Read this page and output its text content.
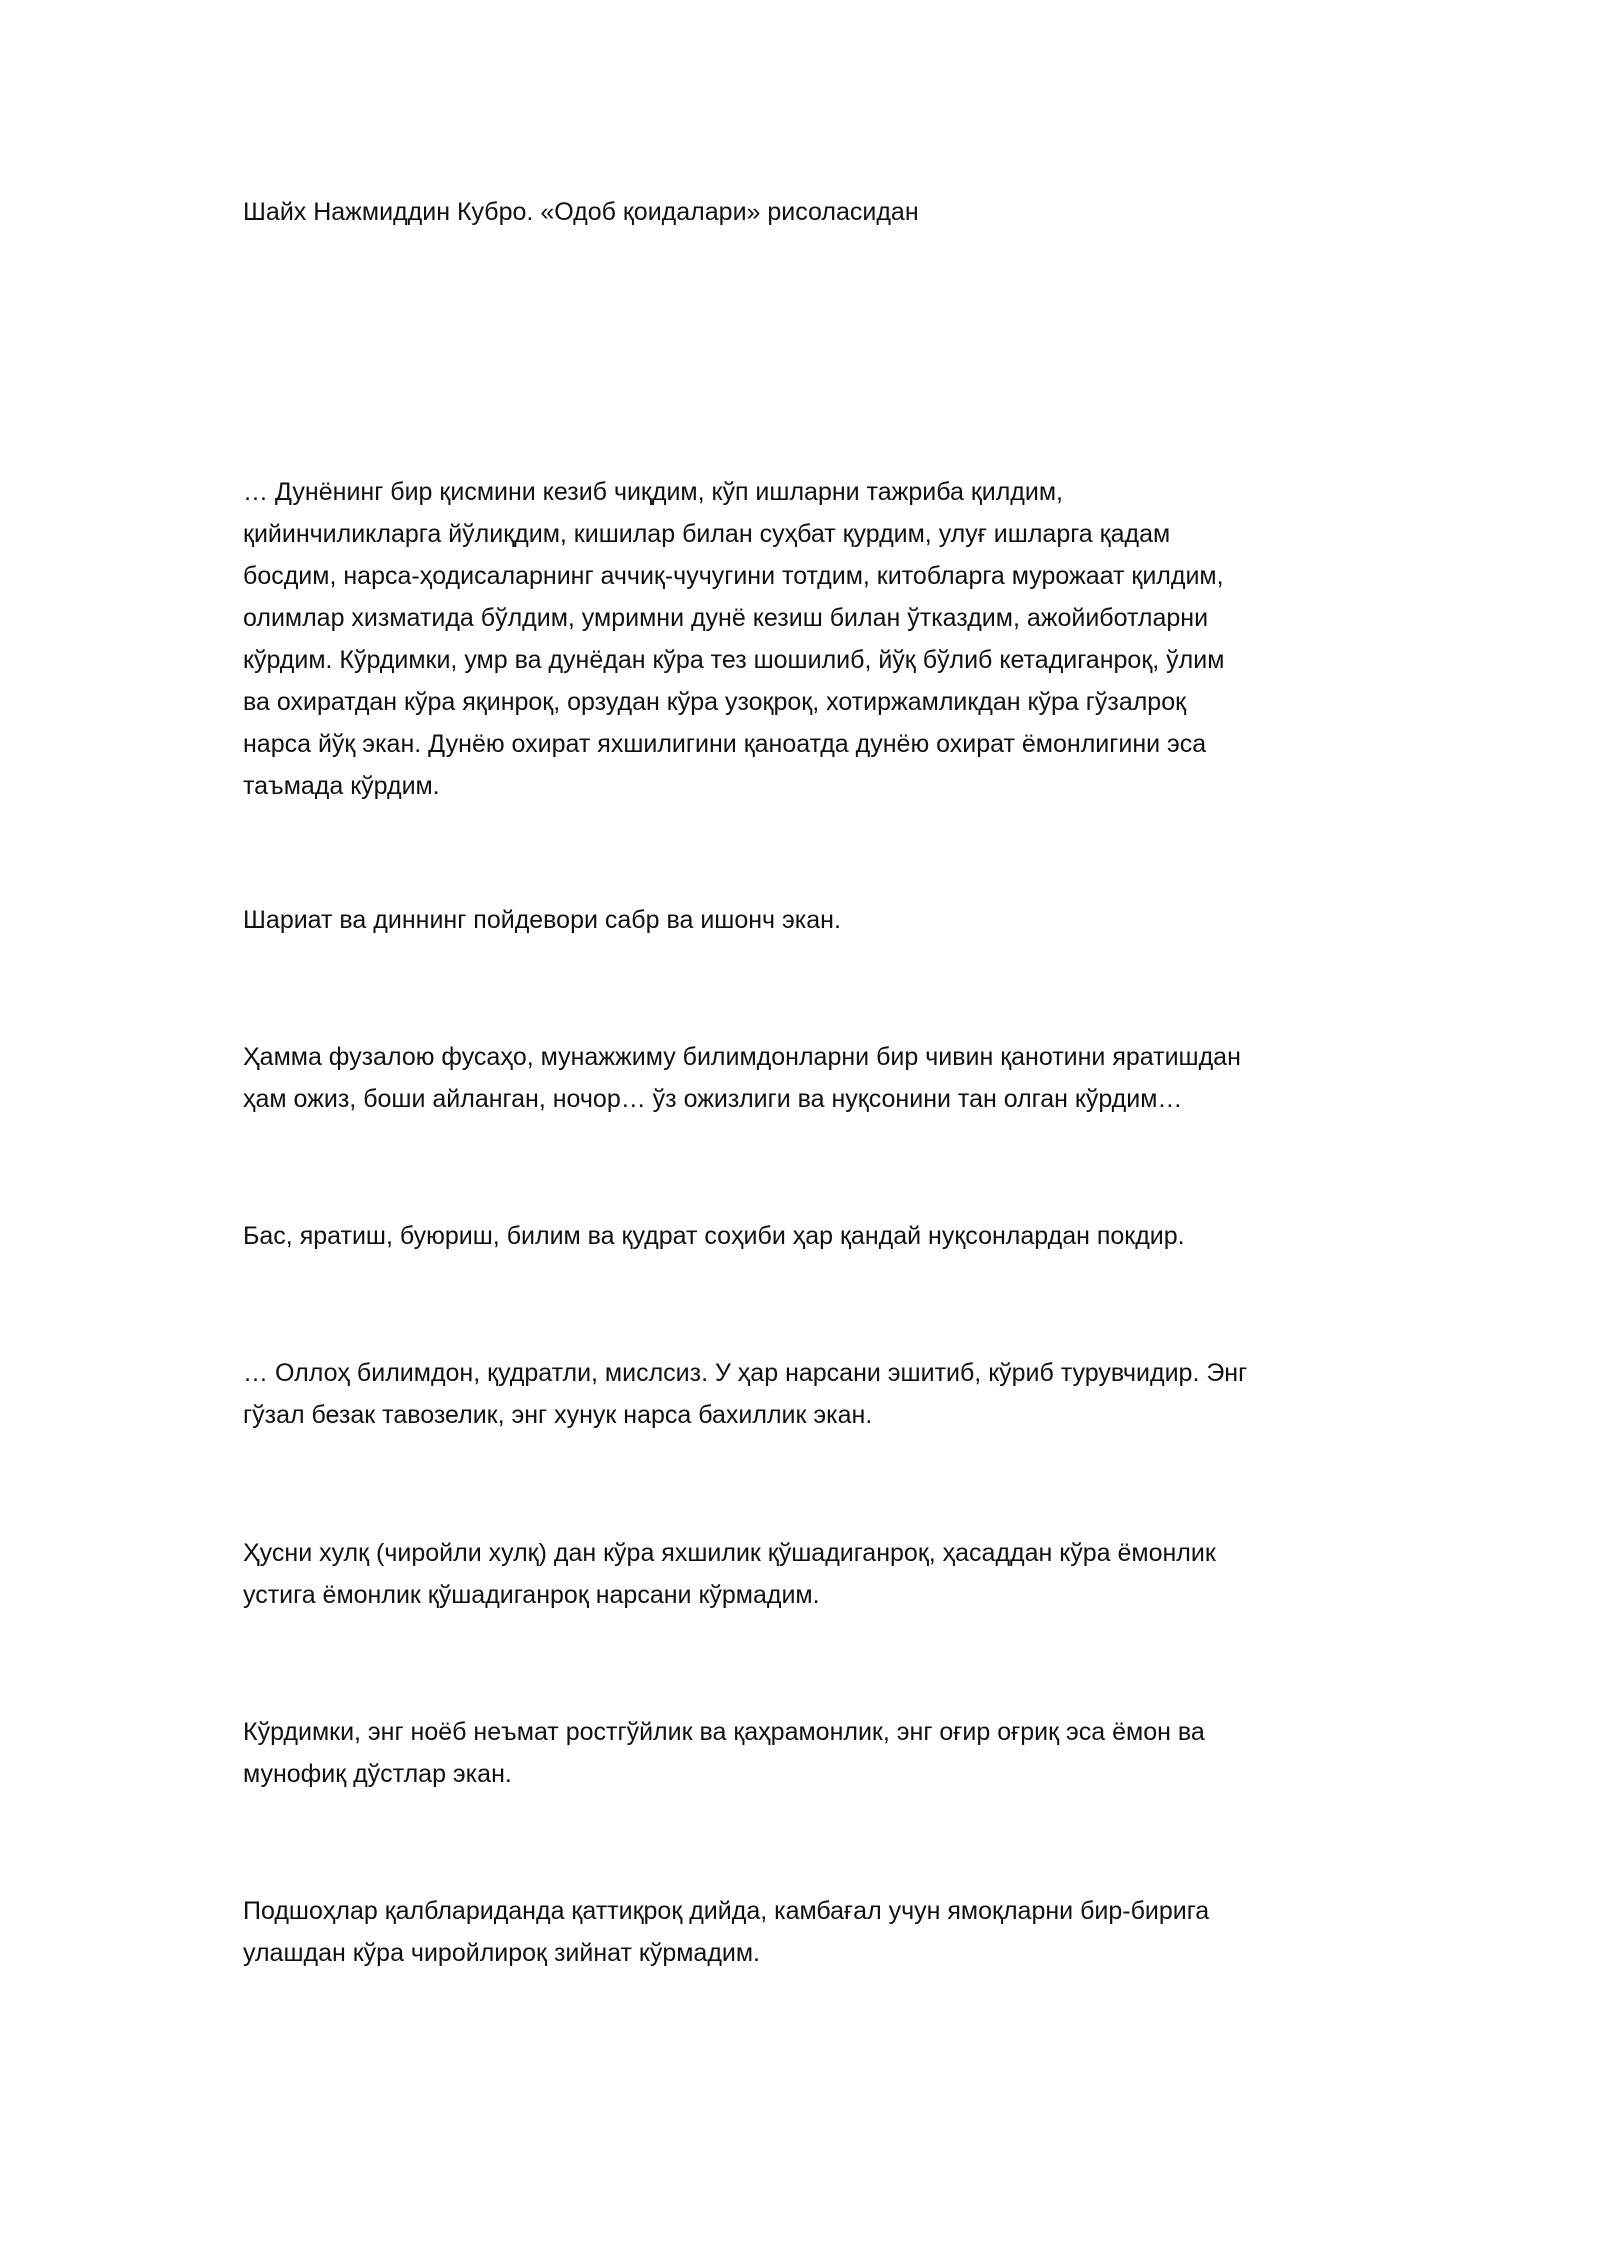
Шайх Нажмиддин Кубро. «Одоб қоидалари» рисоласидан

… Дунёнинг бир қисмини кезиб чиқдим, кўп ишларни тажриба қилдим,
қийинчиликларга йўлиқдим, кишилар билан суҳбат қурдим, улуғ ишларга қадам
босдим, нарса-ҳодисаларнинг аччиқ-чучугини тотдим, китобларга мурожаат қилдим,
олимлар хизматида бўлдим, умримни дунё кезиш билан ўтказдим, ажойиботларни
кўрдим. Кўрдимки, умр ва дунёдан кўра тез шошилиб, йўқ бўлиб кетадиганроқ, ўлим
ва охиратдан кўра яқинроқ, орзудан кўра узоқроқ, хотиржамликдан кўра гўзалроқ
нарса йўқ экан. Дунёю охират яхшилигини қаноатда дунёю охират ёмонлигини эса
таъмада кўрдим.

Шариат ва диннинг пойдевори сабр ва ишонч экан.

Ҳамма фузалою фусаҳо, мунажжиму билимдонларни бир чивин қанотини яратишдан
ҳам ожиз, боши айланган, ночор… ўз ожизлиги ва нуқсонини тан олган кўрдим…

Бас, яратиш, буюриш, билим ва қудрат соҳиби ҳар қандай нуқсонлардан покдир.

… Оллоҳ билимдон, қудратли, мислсиз. У ҳар нарсани эшитиб, кўриб турувчидир. Энг
гўзал безак тавозелик, энг хунук нарса бахиллик экан.

Ҳусни хулқ (чиройли хулқ) дан кўра яхшилик қўшадиганроқ, ҳасаддан кўра ёмонлик
устига ёмонлик қўшадиганроқ нарсани кўрмадим.

Кўрдимки, энг ноёб неъмат ростгўйлик ва қаҳрамонлик, энг оғир оғриқ эса ёмон ва
мунофиқ дўстлар экан.

Подшоҳлар қалбларидандa қаттиқроқ дийда, камбағал учун ямоқларни бир-бирига
улашдан кўра чиройлироқ зийнат кўрмадим.
